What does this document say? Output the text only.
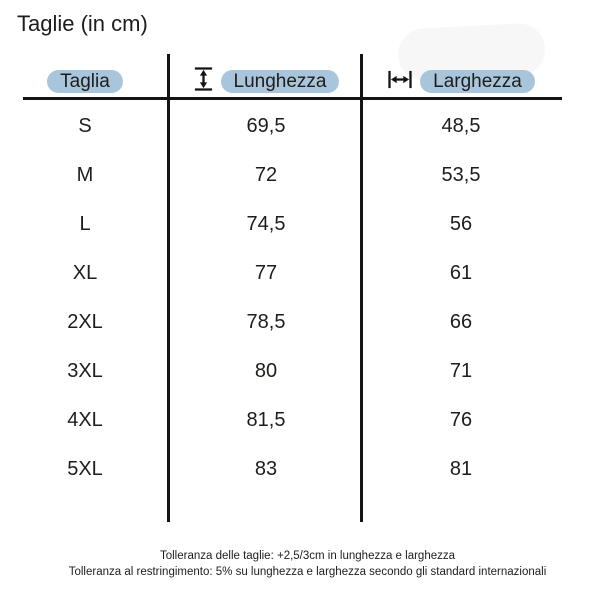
Taglie (in cm)
Taglia	Lunghezza	Larghezza
S	69,5	48,5
M	72	53,5
L	74,5	56
XL	77	61
2XL	78,5	66
3XL	80	71
4XL	81,5	76
5XL	83	81
Tolleranza delle taglie: +2,5/3cm in lunghezza e larghezza
Tolleranza al restringimento: 5% su lunghezza e larghezza secondo gli standard internazionali
